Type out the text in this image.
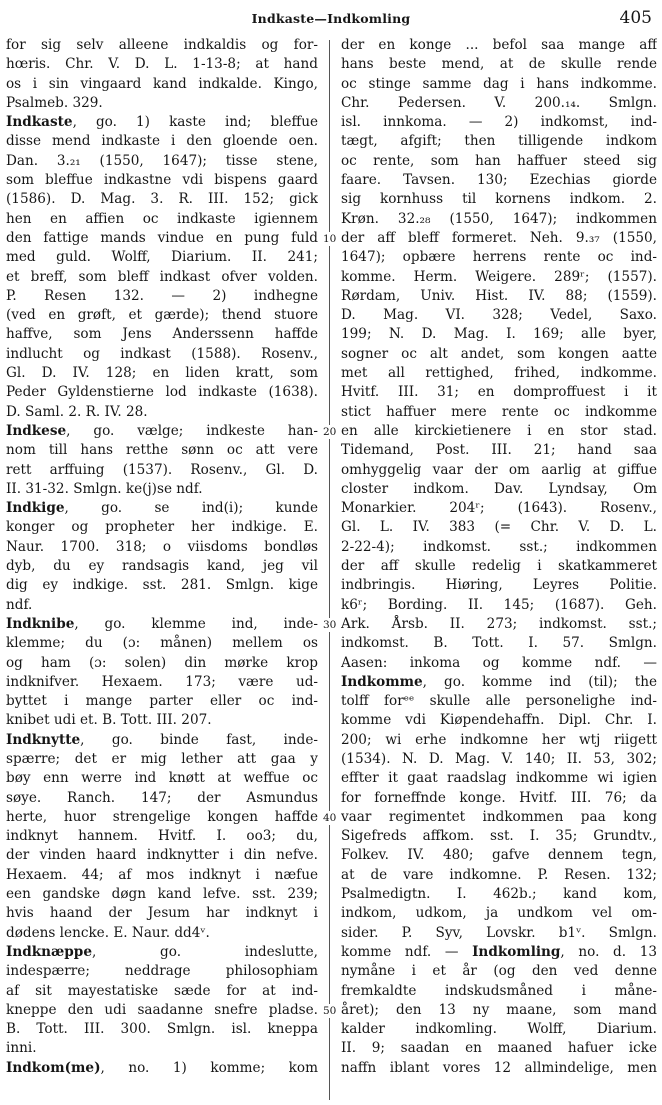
Indkaste—Indkomling	405
for sig selv alleene indkaldis og for-
hœris. Chr. V. D. L. 1-13-8; at hand
os i sin vingaard kand indkalde. Kingo,
Psalmeb. 329.
Indkaste, go. 1) kaste ind; bleffue
disse mend indkaste i den gloende oen.
Dan. 3.₂₁ (1550, 1647); tisse stene,
som bleffue indkastne vdi bispens gaard
(1586). D. Mag. 3. R. III. 152; gick
hen en affien oc indkaste igiennem
den fattige mands vindue en pung fuld
med guld. Wolff, Diarium. II. 241;
et breff, som bleff indkast ofver volden.
P. Resen 132. — 2) indhegne
(ved en grøft, et gærde); thend stuore
haffve, som Jens Anderssenn haffde
indlucht og indkast (1588). Rosenv.,
Gl. D. IV. 128; en liden kratt, som
Peder Gyldenstierne lod indkaste (1638).
D. Saml. 2. R. IV. 28.
Indkese, go. vælge; indkeste han-
nom till hans retthe sønn oc att vere
rett arffuing (1537). Rosenv., Gl. D.
II. 31-32. Smlgn. ke(j)se ndf.
Indkige, go. se ind(i); kunde
konger og propheter her indkige. E.
Naur. 1700. 318; o viisdoms bondløs
dyb, du ey randsagis kand, jeg vil
dig ey indkige. sst. 281. Smlgn. kige
ndf.
Indknibe, go. klemme ind, inde-
klemme; du (ɔ: månen) mellem os
og ham (ɔ: solen) din mørke krop
indknifver. Hexaem. 173; være ud-
byttet i mange parter eller oc ind-
knibet udi et. B. Tott. III. 207.
Indknytte, go. binde fast, inde-
spærre; det er mig lether att gaa y
bøy enn werre ind knøtt at weffue oc
søye. Ranch. 147; der Asmundus
herte, huor strengelige kongen haffde
indknyt hannem. Hvitf. I. oo3; du,
der vinden haard indknytter i din nefve.
Hexaem. 44; af mos indknyt i næfue
een gandske døgn kand lefve. sst. 239;
hvis haand der Jesum har indknyt i
dødens lencke. E. Naur. dd4ᵛ.
Indknæppe, go. indeslutte,
indespærre; neddrage philosophiam
af sit mayestatiske sæde for at ind-
kneppe den udi saadanne snefre pladse.
B. Tott. III. 300. Smlgn. isl. kneppa
inni.
Indkom(me), no. 1) komme; kom
der en konge ... befol saa mange aff
hans beste mend, at de skulle rende
oc stinge samme dag i hans indkomme.
Chr. Pedersen. V. 200.₁₄. Smlgn.
isl. innkoma. — 2) indkomst, ind-
tægt, afgift; then tilligende indkom
oc rente, som han haffuer steed sig
faare. Tavsen. 130; Ezechias giorde
sig kornhuss til kornens indkom. 2.
Krøn. 32.₂₈ (1550, 1647); indkommen
der aff bleff formeret. Neh. 9.₃₇ (1550,
1647); opbære herrens rente oc ind-
komme. Herm. Weigere. 289ʳ; (1557).
Rørdam, Univ. Hist. IV. 88; (1559).
D. Mag. VI. 328; Vedel, Saxo.
199; N. D. Mag. I. 169; alle byer,
sogner oc alt andet, som kongen aatte
met all rettighed, frihed, indkomme.
Hvitf. III. 31; en domproffuest i it
stict haffuer mere rente oc indkomme
en alle kirckietienere i en stor stad.
Tidemand, Post. III. 21; hand saa
omhyggelig vaar der om aarlig at giffue
closter indkom. Dav. Lyndsay, Om
Monarkier. 204ʳ; (1643). Rosenv.,
Gl. L. IV. 383 (= Chr. V. D. L.
2-22-4); indkomst. sst.; indkommen
der aff skulle redelig i skatkammeret
indbringis. Hiøring, Leyres Politie.
k6ʳ; Bording. II. 145; (1687). Geh.
Ark. Årsb. II. 273; indkomst. sst.;
indkomst. B. Tott. I. 57. Smlgn.
Aasen: inkoma og komme ndf. —
Indkomme, go. komme ind (til); the
tolff forᵉᵉ skulle alle personelighe ind-
komme vdi Kiøpendehaffn. Dipl. Chr. I.
200; wi erhe indkomne her wtj riigett
(1534). N. D. Mag. V. 140; II. 53, 302;
effter it gaat raadslag indkomme wi igien
for forneffnde konge. Hvitf. III. 76; da
vaar regimentet indkommen paa kong
Sigefreds affkom. sst. I. 35; Grundtv.,
Folkev. IV. 480; gafve dennem tegn,
at de vare indkomne. P. Resen. 132;
Psalmedigtn. I. 462b.; kand kom,
indkom, udkom, ja undkom vel om-
sider. P. Syv, Lovskr. b1ᵛ. Smlgn.
komme ndf. — Indkomling, no. d. 13
nymåne i et år (og den ved denne
fremkaldte indskudsmåned i måne-
året); den 13 ny maane, som mand
kalder indkomling. Wolff, Diarium.
II. 9; saadan en maaned hafuer icke
naffn iblant vores 12 allmindelige, men
10
20
30
40
50
